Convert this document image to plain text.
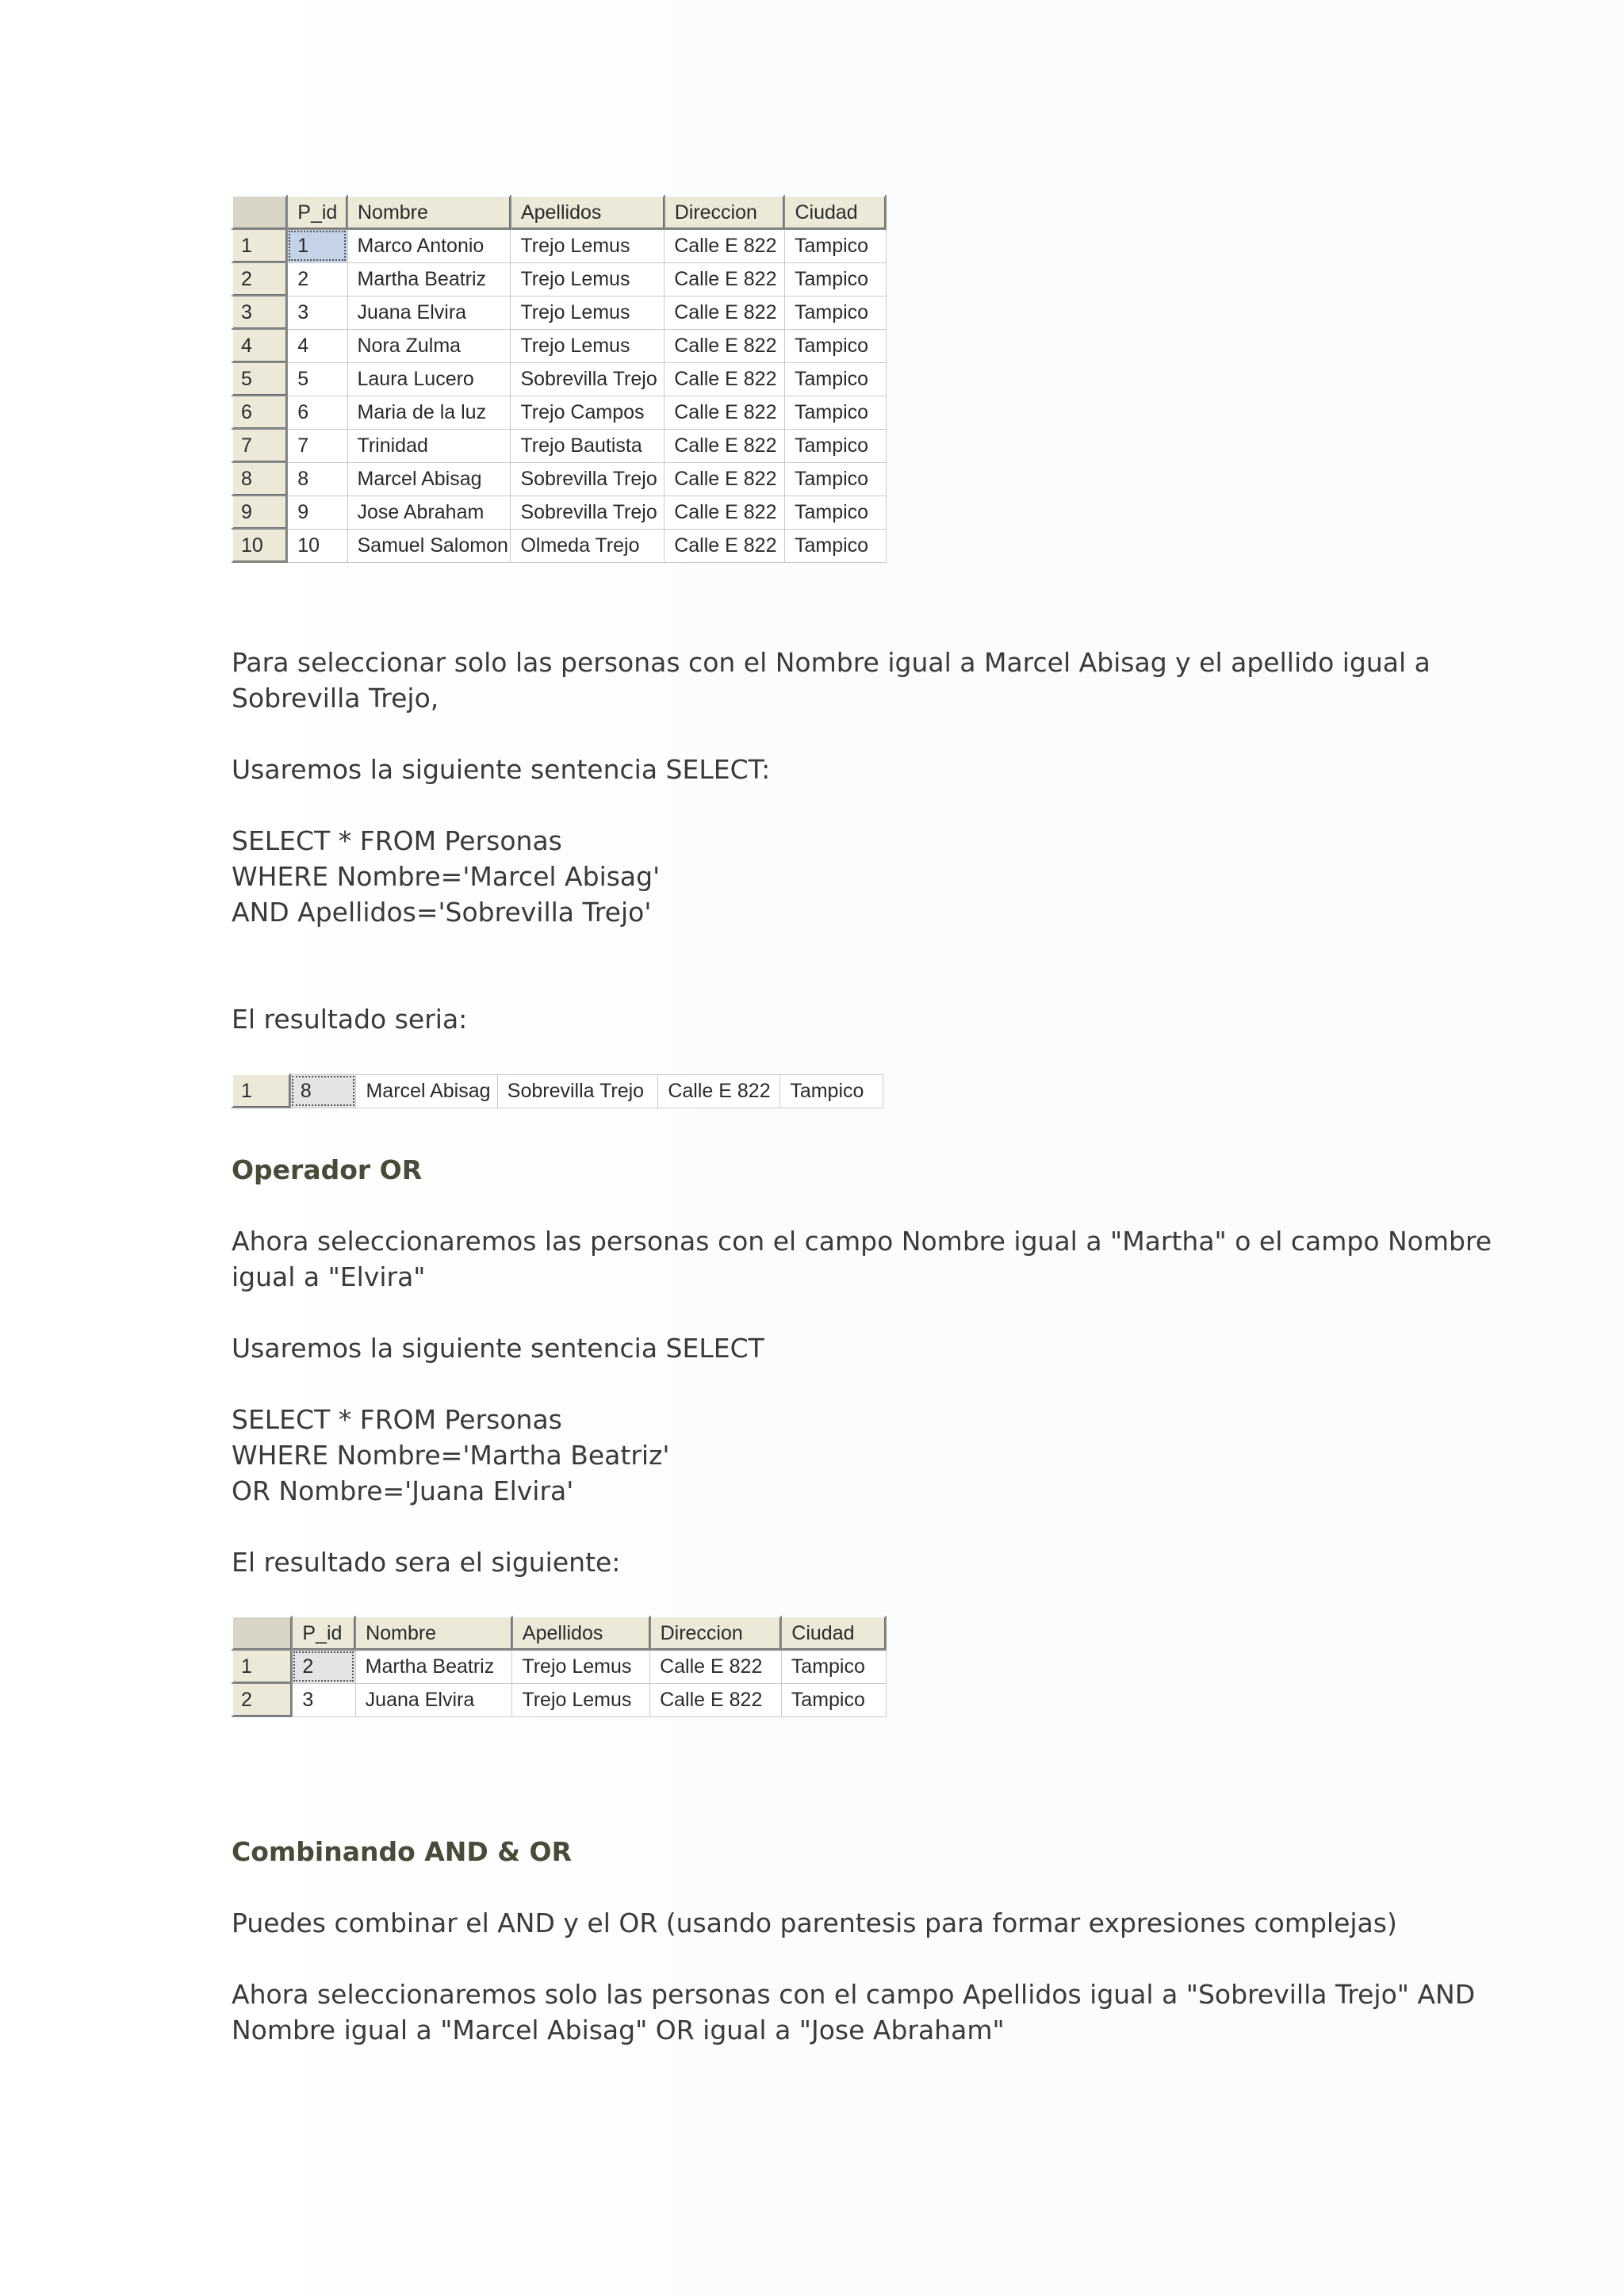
	P_id	Nombre	Apellidos	Direccion	Ciudad
1	1	Marco Antonio	Trejo Lemus	Calle E 822	Tampico
2	2	Martha Beatriz	Trejo Lemus	Calle E 822	Tampico
3	3	Juana Elvira	Trejo Lemus	Calle E 822	Tampico
4	4	Nora Zulma	Trejo Lemus	Calle E 822	Tampico
5	5	Laura Lucero	Sobrevilla Trejo	Calle E 822	Tampico
6	6	Maria de la luz	Trejo Campos	Calle E 822	Tampico
7	7	Trinidad	Trejo Bautista	Calle E 822	Tampico
8	8	Marcel Abisag	Sobrevilla Trejo	Calle E 822	Tampico
9	9	Jose Abraham	Sobrevilla Trejo	Calle E 822	Tampico
10	10	Samuel Salomon	Olmeda Trejo	Calle E 822	Tampico

Para seleccionar solo las personas con el Nombre igual a Marcel Abisag y el apellido igual a

Sobrevilla Trejo,

Usaremos la siguiente sentencia SELECT:

SELECT * FROM Personas

WHERE Nombre='Marcel Abisag'

AND Apellidos='Sobrevilla Trejo'

El resultado seria:

1	8	Marcel Abisag	Sobrevilla Trejo	Calle E 822	Tampico
Operador OR

Ahora seleccionaremos las personas con el campo Nombre igual a "Martha" o el campo Nombre

igual a "Elvira"

Usaremos la siguiente sentencia SELECT

SELECT * FROM Personas

WHERE Nombre='Martha Beatriz'

OR Nombre='Juana Elvira'

El resultado sera el siguiente:

	P_id	Nombre	Apellidos	Direccion	Ciudad
1	2	Martha Beatriz	Trejo Lemus	Calle E 822	Tampico
2	3	Juana Elvira	Trejo Lemus	Calle E 822	Tampico
Combinando AND & OR

Puedes combinar el AND y el OR (usando parentesis para formar expresiones complejas)

Ahora seleccionaremos solo las personas con el campo Apellidos igual a "Sobrevilla Trejo" AND

Nombre igual a "Marcel Abisag" OR igual a "Jose Abraham"
